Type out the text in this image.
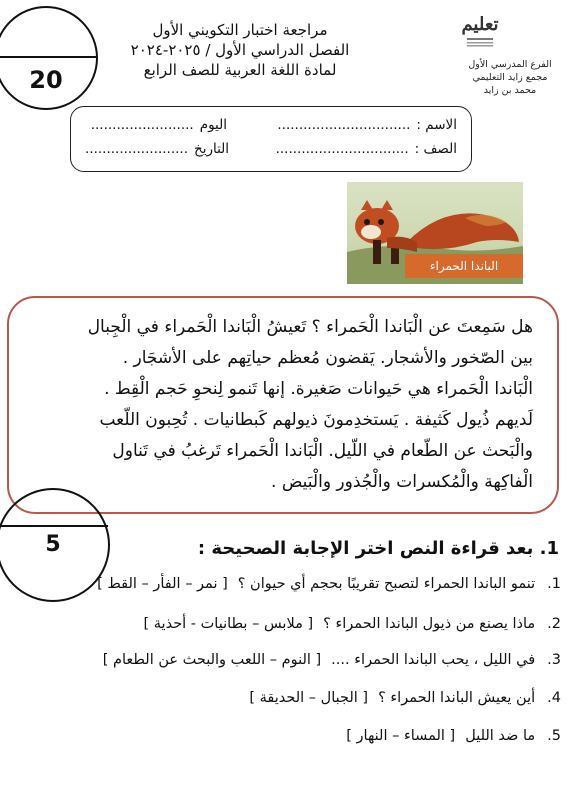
20
مراجعة اختبار التكويني الأول
الفصل الدراسي الأول / ٢٠٢٥-٢٠٢٤
لمادة اللغة العربية للصف الرابع
تعليم
الفرع المدرسي الأول
مجمع زايد التعليمي
محمد بن زايد
الاسم :
...............................
اليوم
........................
الصف :
...............................
التاريخ
........................
الباندا الحمراء

هل سَمِعتَ عن الْبَاندا الْحَمراء ؟ تَعيشُ الْبَاندا الْحَمراء في الْجِبال
بين الصّخور والأشجار. يَقضون مُعظم حياتِهم على الأشجَار .
الْبَاندا الْحَمراء هي حَيوانات صَغيرة. إنها تَنمو لِنحوِ حَجم الْقِط .
لَديهم ذُيول كَثيفة . يَستخدِمونَ ذيولهم كَبطانيات . تُحِبون اللّعب
والْبَحث عن الطّعام في اللّيل. الْبَاندا الْحَمراء تَرغبُ في تَناول
الْفاكِهة والْمُكسرات والْجُذور والْبَيض .

5	1. بعد قراءة النص اختر الإجابة الصحيحة :
1.
تنمو الباندا الحمراء لتصبح تقريبًا بحجم أي حيوان ؟
[ نمر – الفأر – القط ]
2.
ماذا يصنع من ذيول الباندا الحمراء ؟
[ ملابس – بطانيات - أحذية ]
3.
في الليل ، يحب الباندا الحمراء ....
[ النوم – اللعب والبحث عن الطعام ]
4.
أين يعيش الباندا الحمراء ؟
[ الجبال – الحديقة ]
5.
ما ضد الليل
[ المساء – النهار ]
